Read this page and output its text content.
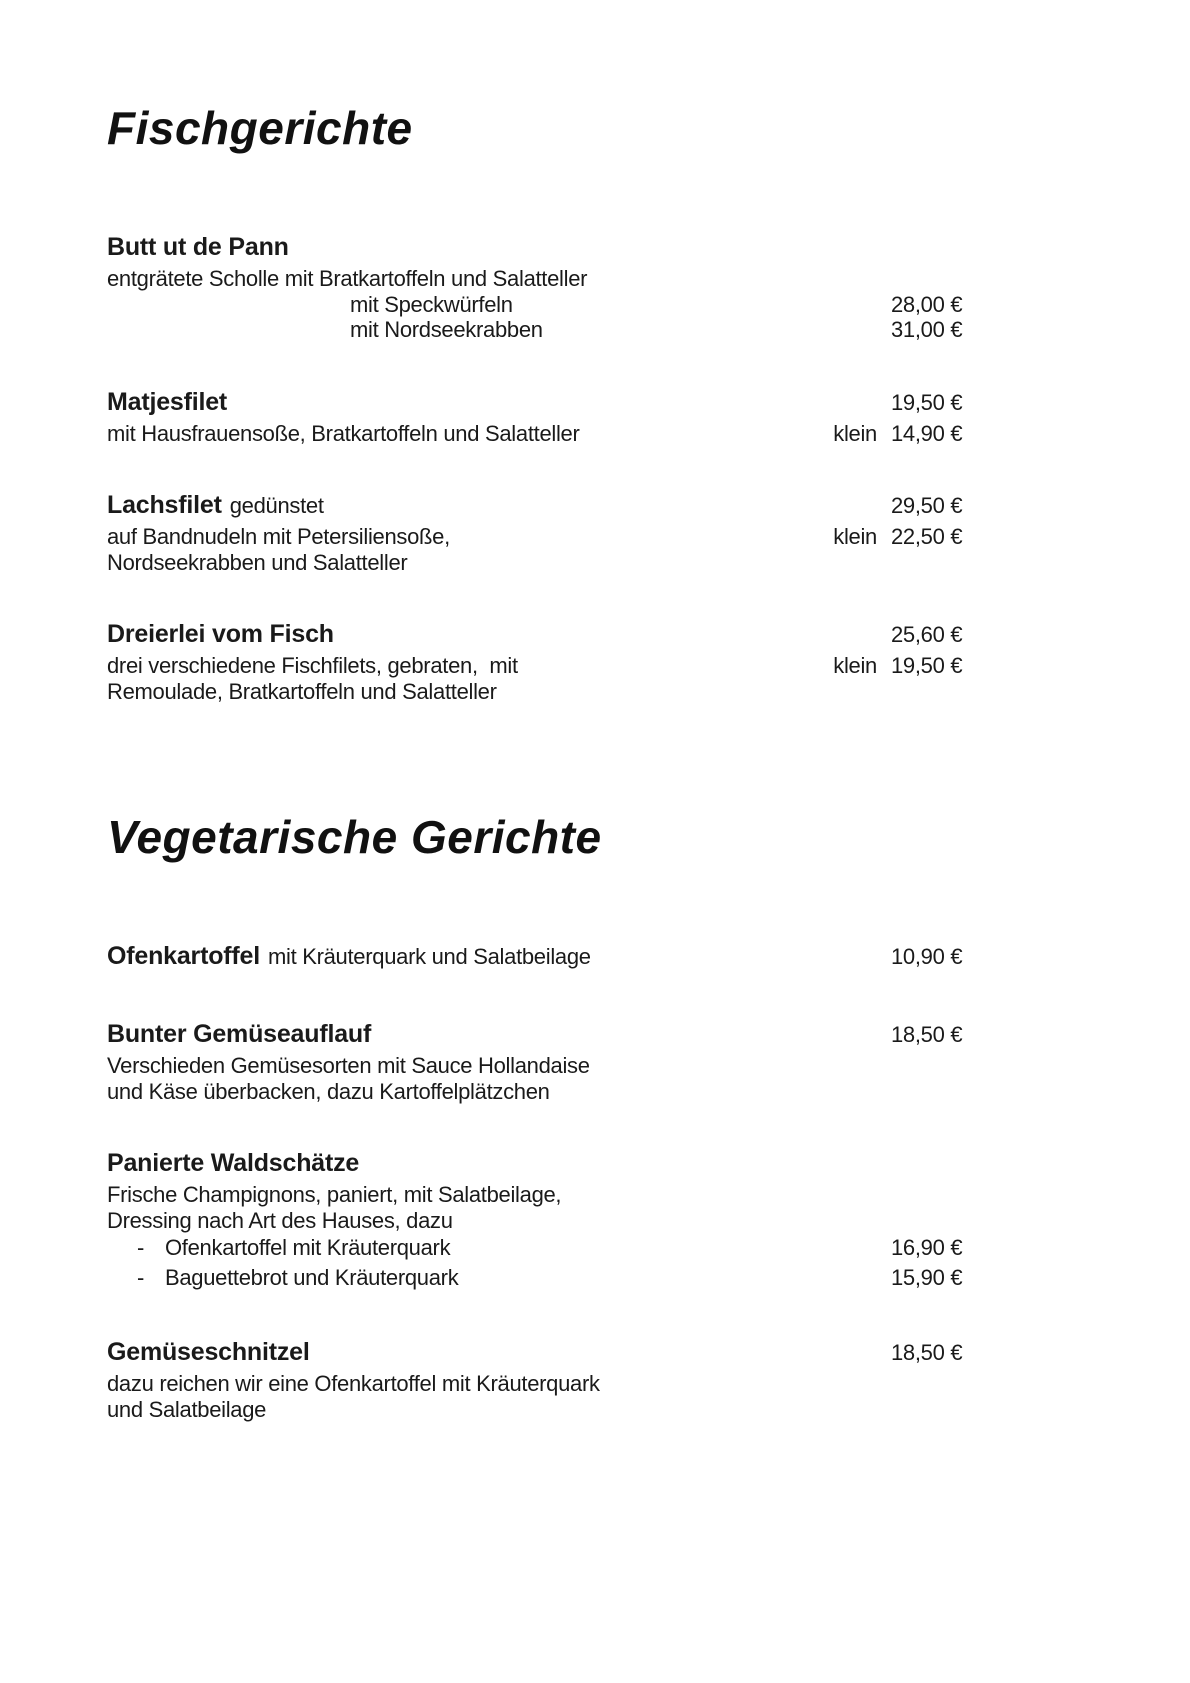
Fischgerichte
Butt ut de Pann
entgrätete Scholle mit Bratkartoffeln und Salatteller
mit Speckwürfeln	28,00 €
mit Nordseekrabben	31,00 €
Matjesfilet	19,50 €
mit Hausfrauensoße, Bratkartoffeln und Salatteller	klein 14,90 €
Lachsfilet gedünstet	29,50 €
auf Bandnudeln mit Petersiliensoße,	klein 22,50 €
Nordseekrabben und Salatteller
Dreierlei vom Fisch	25,60 €
drei verschiedene Fischfilets, gebraten,  mit	klein 19,50 €
Remoulade, Bratkartoffeln und Salatteller
Vegetarische Gerichte
Ofenkartoffel mit Kräuterquark und Salatbeilage	10,90 €
Bunter Gemüseauflauf	18,50 €
Verschieden Gemüsesorten mit Sauce Hollandaise
und Käse überbacken, dazu Kartoffelplätzchen
Panierte Waldschätze
Frische Champignons, paniert, mit Salatbeilage,
Dressing nach Art des Hauses, dazu
- Ofenkartoffel mit Kräuterquark	16,90 €
- Baguettebrot und Kräuterquark	15,90 €
Gemüseschnitzel	18,50 €
dazu reichen wir eine Ofenkartoffel mit Kräuterquark
und Salatbeilage
